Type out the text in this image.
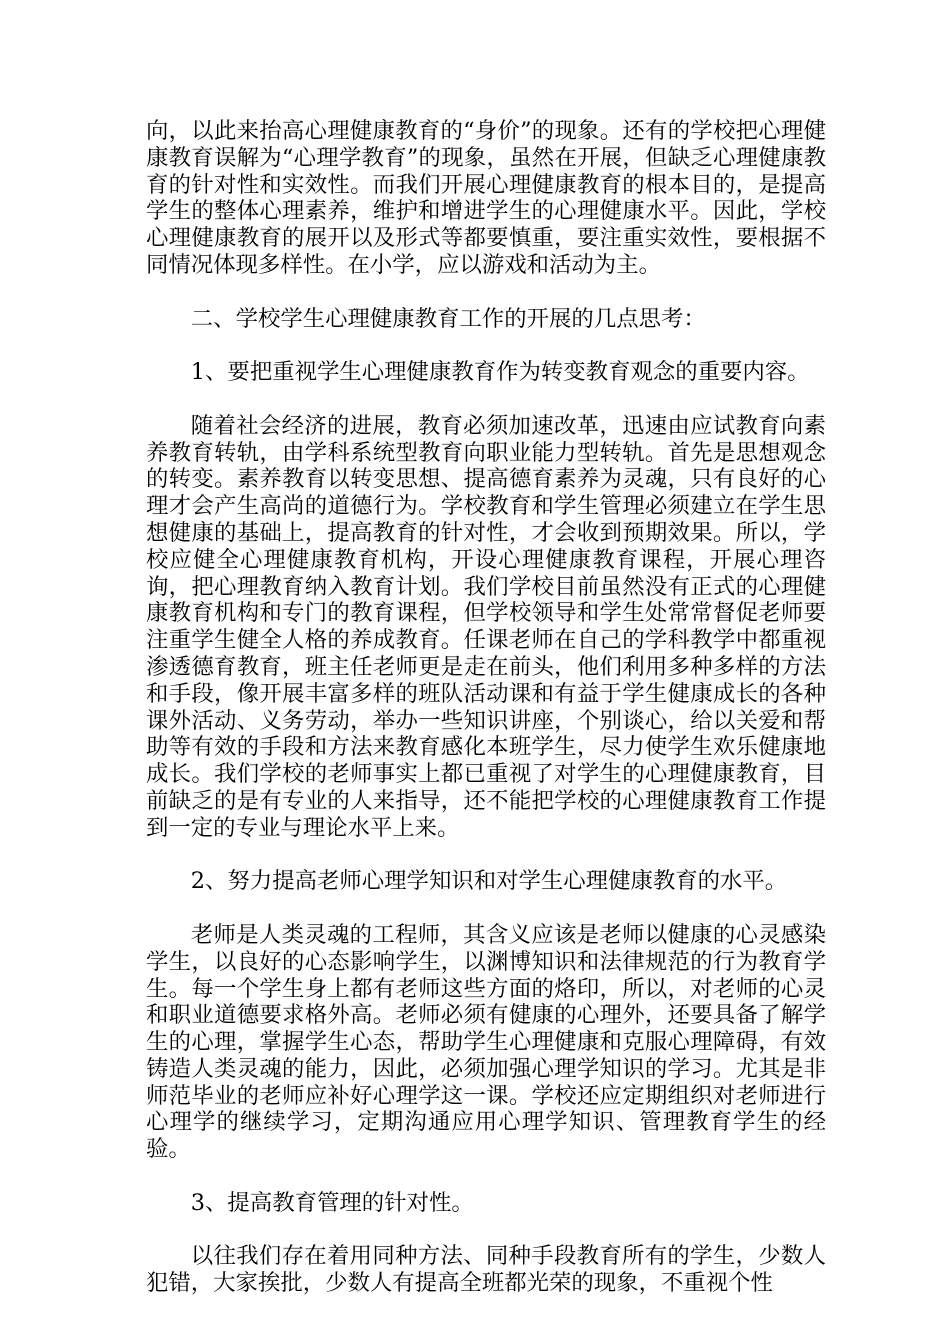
向，以此来抬高心理健康教育的“身价”的现象。还有的学校把心理健康教育误解为“心理学教育”的现象，虽然在开展，但缺乏心理健康教育的针对性和实效性。而我们开展心理健康教育的根本目的，是提高学生的整体心理素养，维护和增进学生的心理健康水平。因此，学校心理健康教育的展开以及形式等都要慎重，要注重实效性，要根据不同情况体现多样性。在小学，应以游戏和活动为主。

二、学校学生心理健康教育工作的开展的几点思考：

1、要把重视学生心理健康教育作为转变教育观念的重要内容。

随着社会经济的进展，教育必须加速改革，迅速由应试教育向素养教育转轨，由学科系统型教育向职业能力型转轨。首先是思想观念的转变。素养教育以转变思想、提高德育素养为灵魂，只有良好的心理才会产生高尚的道德行为。学校教育和学生管理必须建立在学生思想健康的基础上，提高教育的针对性，才会收到预期效果。所以，学校应健全心理健康教育机构，开设心理健康教育课程，开展心理咨询，把心理教育纳入教育计划。我们学校目前虽然没有正式的心理健康教育机构和专门的教育课程，但学校领导和学生处常常督促老师要注重学生健全人格的养成教育。任课老师在自己的学科教学中都重视渗透德育教育，班主任老师更是走在前头，他们利用多种多样的方法和手段，像开展丰富多样的班队活动课和有益于学生健康成长的各种课外活动、义务劳动，举办一些知识讲座，个别谈心，给以关爱和帮助等有效的手段和方法来教育感化本班学生，尽力使学生欢乐健康地成长。我们学校的老师事实上都已重视了对学生的心理健康教育，目前缺乏的是有专业的人来指导，还不能把学校的心理健康教育工作提到一定的专业与理论水平上来。

2、努力提高老师心理学知识和对学生心理健康教育的水平。

老师是人类灵魂的工程师，其含义应该是老师以健康的心灵感染学生，以良好的心态影响学生，以渊博知识和法律规范的行为教育学生。每一个学生身上都有老师这些方面的烙印，所以，对老师的心灵和职业道德要求格外高。老师必须有健康的心理外，还要具备了解学生的心理，掌握学生心态，帮助学生心理健康和克服心理障碍，有效铸造人类灵魂的能力，因此，必须加强心理学知识的学习。尤其是非师范毕业的老师应补好心理学这一课。学校还应定期组织对老师进行心理学的继续学习，定期沟通应用心理学知识、管理教育学生的经验。

3、提高教育管理的针对性。

以往我们存在着用同种方法、同种手段教育所有的学生，少数人犯错，大家挨批，少数人有提高全班都光荣的现象，不重视个性
